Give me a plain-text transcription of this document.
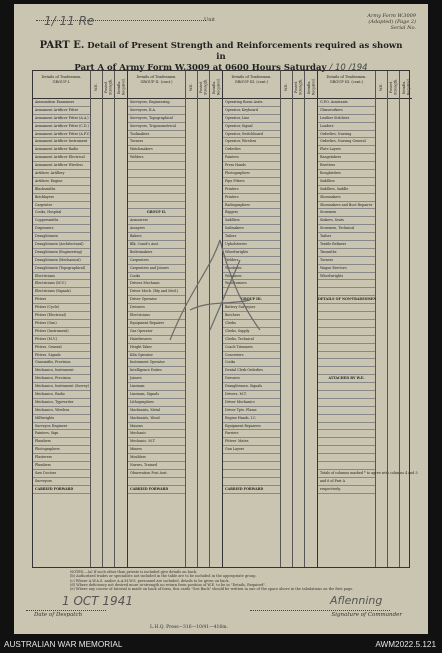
1/ 11 Re	Unit
Army Form W.3009
(Adapted) (Page 2)
Serial No.
PART E. Detail of Present Strength and Reinforcements required as shown in
Part A of Army Form W.3009 at 0600 Hours Saturday / 10 /194
Details of Tradesmen.
GROUP I.
Ammunition Examiners
Armament Artificer Fitter
Armament Artificer Fitter (A.A.)
Armament Artificer Fitter (C.D.)
Armament Artificer Fitter (A.F.V.)
Armament Artificer Instrument
Armament Artificer Radio
Armament Artificer Electrical
Armament Artificer Wireless
Artificer, Artillery
Artificer, Engine
Blacksmiths
Bricklayers
Carpenter
Cooks, Hospital
Coppersmiths
Dispensers
Draughtsmen
Draughtsmen (Architectural)
Draughtsmen (Engineering)
Draughtsmen (Mechanical)
Draughtsmen (Topographical)
Electricians
Electricians (M.V.)
Electricians (Signals)
Fitters
Fitters (Cycle)
Fitters (Electrical)
Fitters (Gun)
Fitters (Instrument)
Fitters (M.V.)
Fitters, General
Fitters, Signals
Gunsmiths, Provision
Mechanics, Instrument
Mechanics, Precision
Mechanics, Instrument (Survey)
Mechanics, Radio
Mechanics, Typewriter
Mechanics, Wireless
Millwrights
Surveyor, Engineer
Painters, Sign
Plumbers
Photographers
Plasterers
Plumbers
Saw Doctors
Surveyors
CARRIED FORWARD
W.E. Posted Strength. Reinfts. Required.
Details of Tradesmen.
GROUP II. (cont.)
Surveyors, Engineering
Surveyors, R.A.
Surveyors, Topographical
Surveyors, Trigonometrical
Toolmakers
Turners
Watchmakers
Welders
GROUP II.
Armourers
Assayers
Bakers
Blk. Comd's Asst.
Boilermakers
Carpenters
Carpenters and Joiners
Cooks
Drivers Mechanic
Driver Mech. (Bty and Med.)
Driver Operator
Dressers
Electricians
Equipment Repairer
Gas Operator
Hairdressers
Height Taker
Kiln Operator
Instrument Operator
Intelligence Duties
Joiners
Lineman
Lineman, Signals
Lithographers
Machinists, Metal
Machinists, Wood
Masons
Mechanic
Mechanic, M.T.
Miners
Moulders
Nurses, Trained
Observation Post Asst.
CARRIED FORWARD
W.E. Posted Strength. Reinfts. Required.
Details of Tradesmen.
GROUP III. (cont.)
Operating Room Assts.
Operator, Keyboard
Operator, Line
Operator, Signal
Operator, Switchboard
Operator, Wireless
Orderlies
Painters
Press Hands
Photographers
Pipe Fitters
Printers
Printers
Radiographers
Riggers
Saddlers
Sailmakers
Tailors
Upholsterers
Wheelwrights
Welders
Woodmen
Woodmen
Woodturners
GROUP III.
Battery Surveyors
Butchers
Clerks
Clerks, Supply
Clerks, Technical
Coach Trimmers
Concreters
Cooks
Dental Clerk Orderlies
Dressers
Draughtsmen, Signals
Drivers, M.T.
Driver Mechanics
Driver Tpts. Flame
Engine Hands, I.C.
Equipment Repairers
Farriers
Fitters' Mates
Gun Layers
CARRIED FORWARD
W.E. Posted Strength. Reinfts. Required.
Details of Tradesmen.
GROUP III. (cont.)
G.P.O. Assistants
Glassworkers
Leather Stitchers
Loaders
Orderlies, Nursing
Orderlies, Nursing General
Plate Layers
Rangetakers
Rivetters
Roughriders
Saddlers
Saddlers, Saddle
Shoemakers
Shoemakers and Boot Repairer
Storemen
Sinkers, Seats
Storemen, Technical
Tailors
Textile Refiners
Tinsmiths
Turners
Wagon Erectors
Wheelwrights
DETAILS OF NON-TRADESMEN
ATTACHED BY W.E.
Totals of columns marked * to agree with columns 4 and 5
and 6 of Part A
respectively.
W.E. Posted Strength. Reinfts. Required.
NOTES.—(a) If such other than private is included give details on back.
(b) Authorized trades or specialists not included in the table are to be included in the appropriate group.
(c) Where A.W.A.S. and/or A.A.M.W.S. personnel are included, details to be given on back.
(d) Where deficiency not desired more in-strength no return from position of W.E. to be in "Details, Required".
(e) Where any course of tutorial is made on back of form, this cards "See Back" should be written in one of the space above in the tabulations on the first page.
1 OCT 1941
Date of Despatch
Aflenning
Signature of Commander
L.H.Q. Press—316—10/41—416m.
AUSTRALIAN WAR MEMORIAL	AWM2022.5.121
